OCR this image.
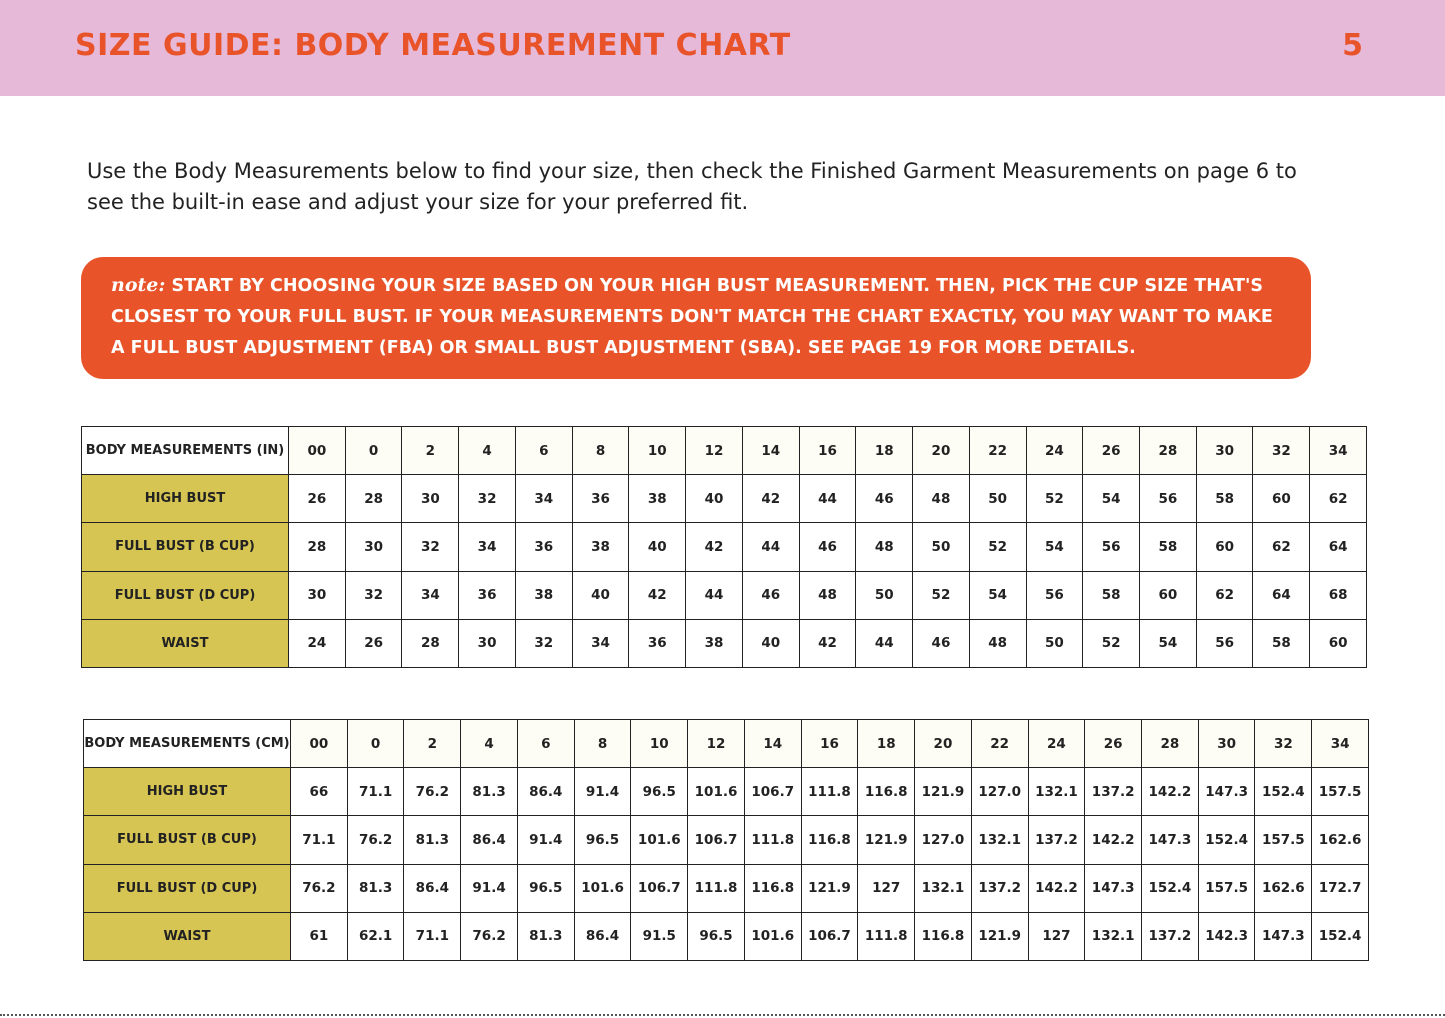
SIZE GUIDE: BODY MEASUREMENT CHART	5
Use the Body Measurements below to find your size, then check the Finished Garment Measurements on page 6 to see the built-in ease and adjust your size for your preferred fit.
note: START BY CHOOSING YOUR SIZE BASED ON YOUR HIGH BUST MEASUREMENT. THEN, PICK THE CUP SIZE THAT'S CLOSEST TO YOUR FULL BUST. IF YOUR MEASUREMENTS DON'T MATCH THE CHART EXACTLY, YOU MAY WANT TO MAKE A FULL BUST ADJUSTMENT (FBA) OR SMALL BUST ADJUSTMENT (SBA). SEE PAGE 19 FOR MORE DETAILS.
BODY MEASUREMENTS (IN)	00	0	2	4	6	8	10	12	14	16	18	20	22	24	26	28	30	32	34
HIGH BUST	26	28	30	32	34	36	38	40	42	44	46	48	50	52	54	56	58	60	62
FULL BUST (B CUP)	28	30	32	34	36	38	40	42	44	46	48	50	52	54	56	58	60	62	64
FULL BUST (D CUP)	30	32	34	36	38	40	42	44	46	48	50	52	54	56	58	60	62	64	68
WAIST	24	26	28	30	32	34	36	38	40	42	44	46	48	50	52	54	56	58	60
BODY MEASUREMENTS (CM)	00	0	2	4	6	8	10	12	14	16	18	20	22	24	26	28	30	32	34
HIGH BUST	66	71.1	76.2	81.3	86.4	91.4	96.5	101.6	106.7	111.8	116.8	121.9	127.0	132.1	137.2	142.2	147.3	152.4	157.5
FULL BUST (B CUP)	71.1	76.2	81.3	86.4	91.4	96.5	101.6	106.7	111.8	116.8	121.9	127.0	132.1	137.2	142.2	147.3	152.4	157.5	162.6
FULL BUST (D CUP)	76.2	81.3	86.4	91.4	96.5	101.6	106.7	111.8	116.8	121.9	127	132.1	137.2	142.2	147.3	152.4	157.5	162.6	172.7
WAIST	61	62.1	71.1	76.2	81.3	86.4	91.5	96.5	101.6	106.7	111.8	116.8	121.9	127	132.1	137.2	142.3	147.3	152.4
